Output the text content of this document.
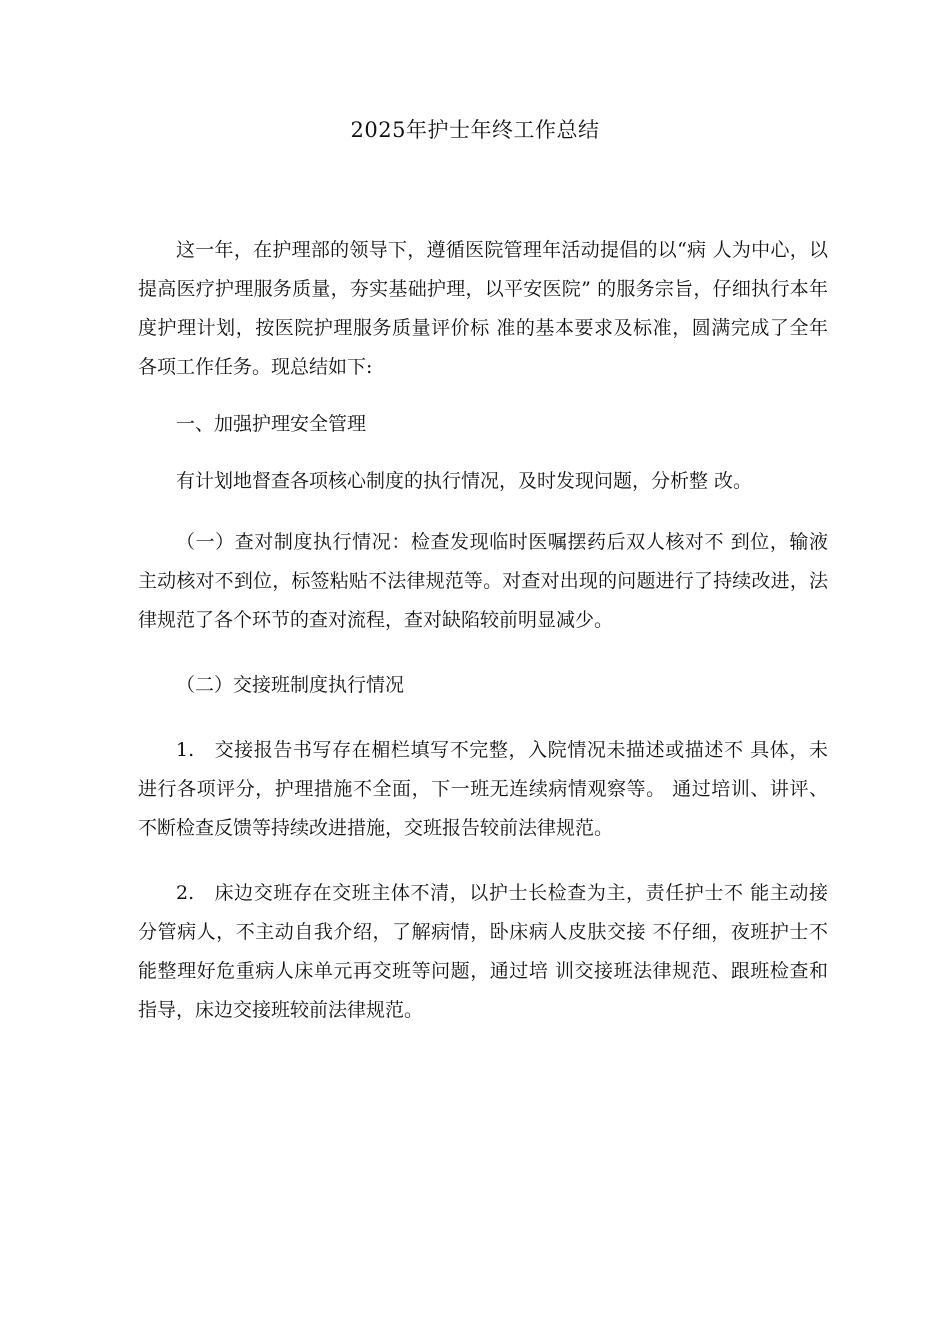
2025年护士年终工作总结

这一年，在护理部的领导下，遵循医院管理年活动提倡的以“病 人为中心，以提高医疗护理服务质量，夯实基础护理，以平安医院” 的服务宗旨，仔细执行本年度护理计划，按医院护理服务质量评价标 准的基本要求及标准，圆满完成了全年各项工作任务。现总结如下:

一、加强护理安全管理

有计划地督查各项核心制度的执行情况，及时发现问题，分析整 改。

（一）查对制度执行情况：检查发现临时医嘱摆药后双人核对不 到位，输液主动核对不到位，标签粘贴不法律规范等。对查对出现的问题进行了持续改进，法律规范了各个环节的查对流程，查对缺陷较前明显减少。

（二）交接班制度执行情况

1. 交接报告书写存在楣栏填写不完整，入院情况未描述或描述不 具体，未进行各项评分，护理措施不全面，下一班无连续病情观察等。 通过培训、讲评、不断检查反馈等持续改进措施，交班报告较前法律规范。

2. 床边交班存在交班主体不清，以护士长检查为主，责任护士不 能主动接分管病人，不主动自我介绍，了解病情，卧床病人皮肤交接 不仔细，夜班护士不能整理好危重病人床单元再交班等问题，通过培 训交接班法律规范、跟班检查和指导，床边交接班较前法律规范。
